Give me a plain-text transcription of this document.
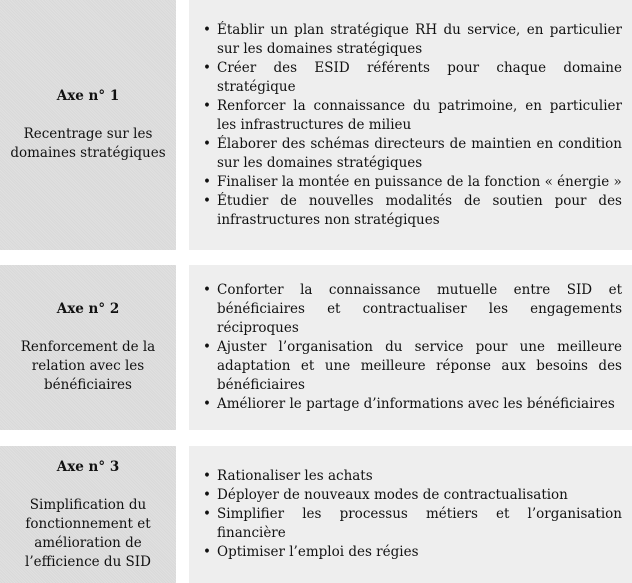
Axe n° 1
Recentrage sur les domaines stratégiques
• Établir un plan stratégique RH du service, en particulier sur les domaines stratégiques
• Créer des ESID référents pour chaque domaine stratégique
• Renforcer la connaissance du patrimoine, en particulier les infrastructures de milieu
• Élaborer des schémas directeurs de maintien en condition sur les domaines stratégiques
• Finaliser la montée en puissance de la fonction « énergie »
• Étudier de nouvelles modalités de soutien pour des infrastructures non stratégiques
Axe n° 2
Renforcement de la relation avec les bénéficiaires
• Conforter la connaissance mutuelle entre SID et bénéficiaires et contractualiser les engagements réciproques
• Ajuster l’organisation du service pour une meilleure adaptation et une meilleure réponse aux besoins des bénéficiaires
• Améliorer le partage d’informations avec les bénéficiaires
Axe n° 3
Simplification du fonctionnement et amélioration de l’efficience du SID
• Rationaliser les achats
• Déployer de nouveaux modes de contractualisation
• Simplifier les processus métiers et l’organisation financière
• Optimiser l’emploi des régies
